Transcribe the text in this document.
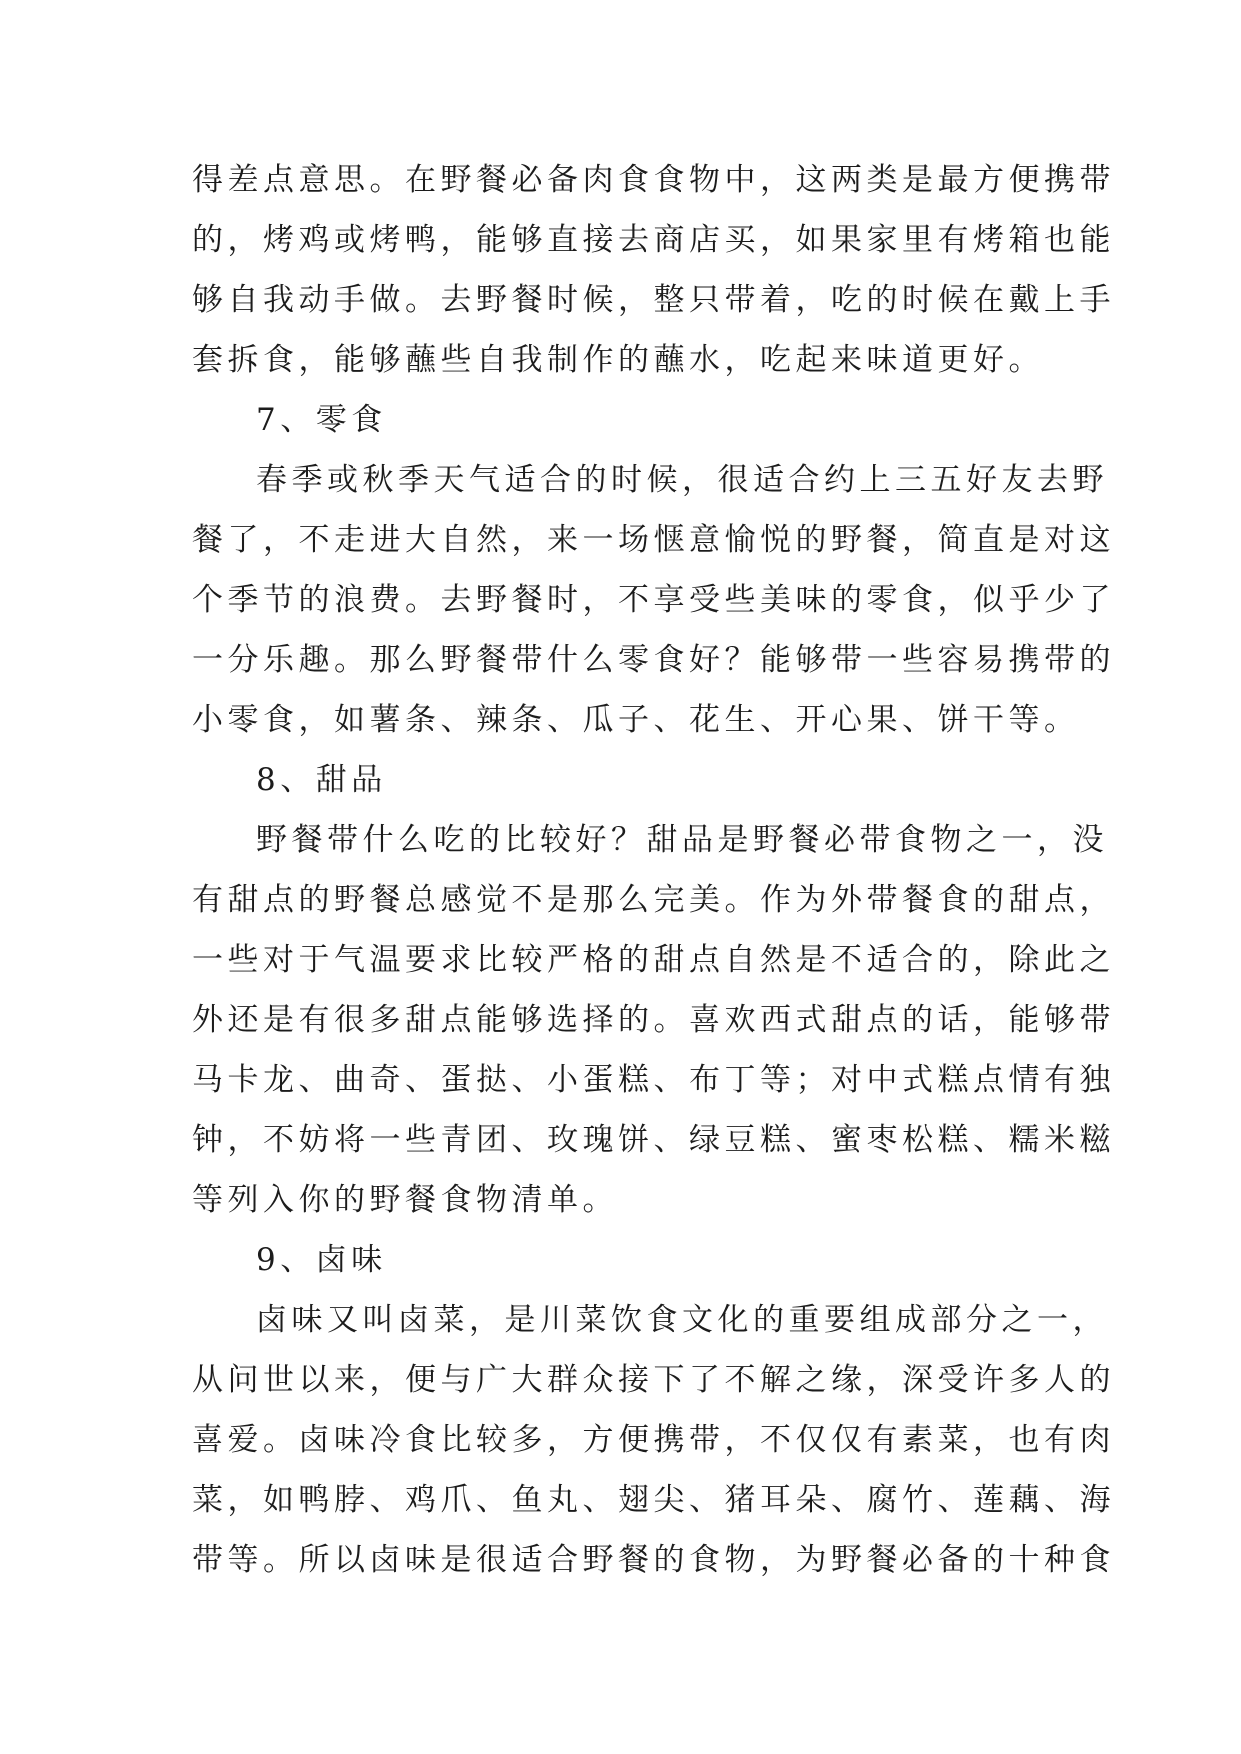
得差点意思。在野餐必备肉食食物中，这两类是最方便携带
的，烤鸡或烤鸭，能够直接去商店买，如果家里有烤箱也能
够自我动手做。去野餐时候，整只带着，吃的时候在戴上手
套拆食，能够蘸些自我制作的蘸水，吃起来味道更好。
7、零食
春季或秋季天气适合的时候，很适合约上三五好友去野
餐了，不走进大自然，来一场惬意愉悦的野餐，简直是对这
个季节的浪费。去野餐时，不享受些美味的零食，似乎少了
一分乐趣。那么野餐带什么零食好？能够带一些容易携带的
小零食，如薯条、辣条、瓜子、花生、开心果、饼干等。
8、甜品
野餐带什么吃的比较好？甜品是野餐必带食物之一，没
有甜点的野餐总感觉不是那么完美。作为外带餐食的甜点，
一些对于气温要求比较严格的甜点自然是不适合的，除此之
外还是有很多甜点能够选择的。喜欢西式甜点的话，能够带
马卡龙、曲奇、蛋挞、小蛋糕、布丁等；对中式糕点情有独
钟，不妨将一些青团、玫瑰饼、绿豆糕、蜜枣松糕、糯米糍
等列入你的野餐食物清单。
9、卤味
卤味又叫卤菜，是川菜饮食文化的重要组成部分之一，
从问世以来，便与广大群众接下了不解之缘，深受许多人的
喜爱。卤味冷食比较多，方便携带，不仅仅有素菜，也有肉
菜，如鸭脖、鸡爪、鱼丸、翅尖、猪耳朵、腐竹、莲藕、海
带等。所以卤味是很适合野餐的食物，为野餐必备的十种食
